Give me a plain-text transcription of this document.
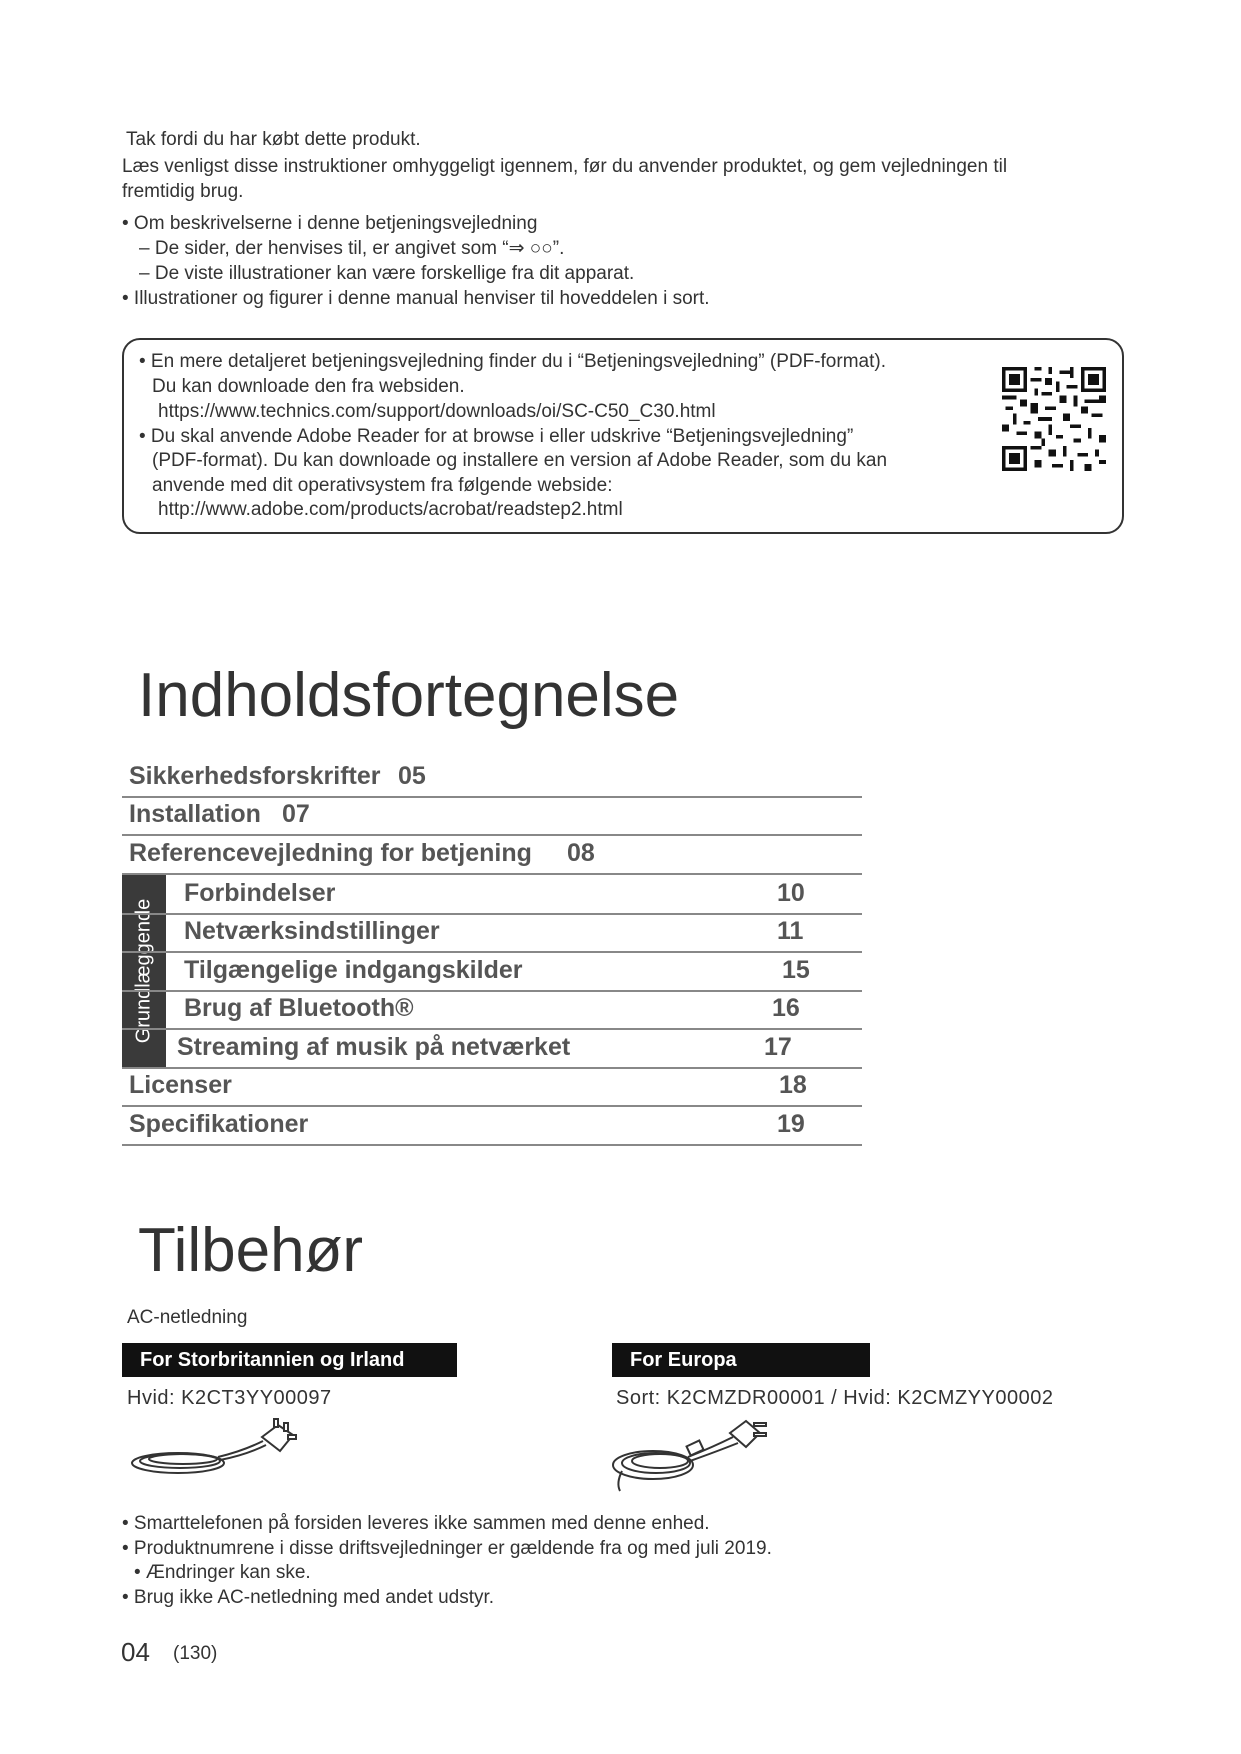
Tak fordi du har købt dette produkt.

Læs venligst disse instruktioner omhyggeligt igennem, før du anvender produktet, og gem vejledningen til

fremtidig brug.

• Om beskrivelserne i denne betjeningsvejledning
– De sider, der henvises til, er angivet som “⇒ ○○”.
– De viste illustrationer kan være forskellige fra dit apparat.
• Illustrationer og figurer i denne manual henviser til hoveddelen i sort.
• En mere detaljeret betjeningsvejledning finder du i “Betjeningsvejledning” (PDF-format).
Du kan downloade den fra websiden.
https://www.technics.com/support/downloads/oi/SC-C50_C30.html
• Du skal anvende Adobe Reader for at browse i eller udskrive “Betjeningsvejledning”
(PDF-format). Du kan downloade og installere en version af Adobe Reader, som du kan
anvende med dit operativsystem fra følgende webside:
http://www.adobe.com/products/acrobat/readstep2.html
Indholdsfortegnelse
Sikkerhedsforskrifter 05
Installation 07
Referencevejledning for betjening 08
Grundlæggende
Forbindelser	10
Netværksindstillinger	11
Tilgængelige indgangskilder	15
Brug af Bluetooth®	16
Streaming af musik på netværket	17
Licenser	18
Specifikationer	19
Tilbehør
AC-netledning
For Storbritannien og Irland	For Europa
Hvid: K2CT3YY00097	Sort: K2CMZDR00001 / Hvid: K2CMZYY00002
• Smarttelefonen på forsiden leveres ikke sammen med denne enhed.
• Produktnumrene i disse driftsvejledninger er gældende fra og med juli 2019.
• Ændringer kan ske.
• Brug ikke AC-netledning med andet udstyr.
04 (130)
